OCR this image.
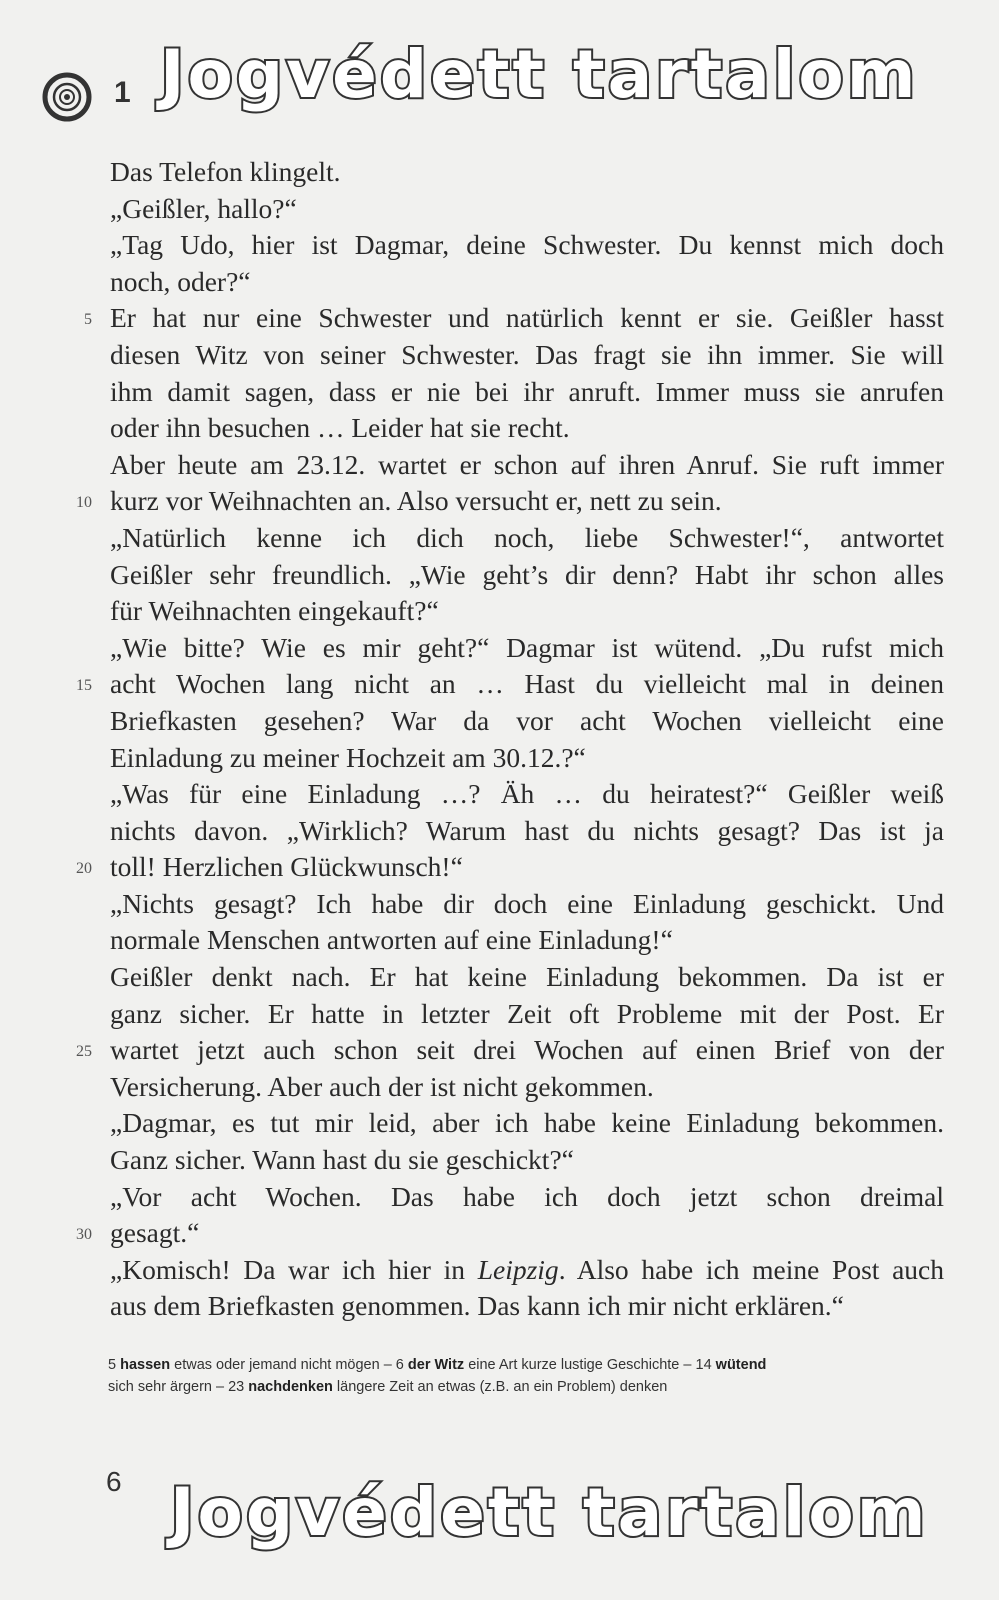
1 Jogvédett tartalom
Das Telefon klingelt.
„Geißler, hallo?“
„Tag Udo, hier ist Dagmar, deine Schwester. Du kennst mich doch
noch, oder?“
5 Er hat nur eine Schwester und natürlich kennt er sie. Geißler hasst
diesen Witz von seiner Schwester. Das fragt sie ihn immer. Sie will
ihm damit sagen, dass er nie bei ihr anruft. Immer muss sie anrufen
oder ihn besuchen … Leider hat sie recht.
Aber heute am 23.12. wartet er schon auf ihren Anruf. Sie ruft immer
10 kurz vor Weihnachten an. Also versucht er, nett zu sein.
„Natürlich kenne ich dich noch, liebe Schwester!“, antwortet
Geißler sehr freundlich. „Wie geht’s dir denn? Habt ihr schon alles
für Weihnachten eingekauft?“
„Wie bitte? Wie es mir geht?“ Dagmar ist wütend. „Du rufst mich
15 acht Wochen lang nicht an … Hast du vielleicht mal in deinen
Briefkasten gesehen? War da vor acht Wochen vielleicht eine
Einladung zu meiner Hochzeit am 30.12.?“
„Was für eine Einladung …? Äh … du heiratest?“ Geißler weiß
nichts davon. „Wirklich? Warum hast du nichts gesagt? Das ist ja
20 toll! Herzlichen Glückwunsch!“
„Nichts gesagt? Ich habe dir doch eine Einladung geschickt. Und
normale Menschen antworten auf eine Einladung!“
Geißler denkt nach. Er hat keine Einladung bekommen. Da ist er
ganz sicher. Er hatte in letzter Zeit oft Probleme mit der Post. Er
25 wartet jetzt auch schon seit drei Wochen auf einen Brief von der
Versicherung. Aber auch der ist nicht gekommen.
„Dagmar, es tut mir leid, aber ich habe keine Einladung bekommen.
Ganz sicher. Wann hast du sie geschickt?“
„Vor acht Wochen. Das habe ich doch jetzt schon dreimal
30 gesagt.“
„Komisch! Da war ich hier in Leipzig. Also habe ich meine Post auch
aus dem Briefkasten genommen. Das kann ich mir nicht erklären.“
5 hassen etwas oder jemand nicht mögen – 6 der Witz eine Art kurze lustige Geschichte – 14 wütend
sich sehr ärgern – 23 nachdenken längere Zeit an etwas (z.B. an ein Problem) denken
6 Jogvédett tartalom
